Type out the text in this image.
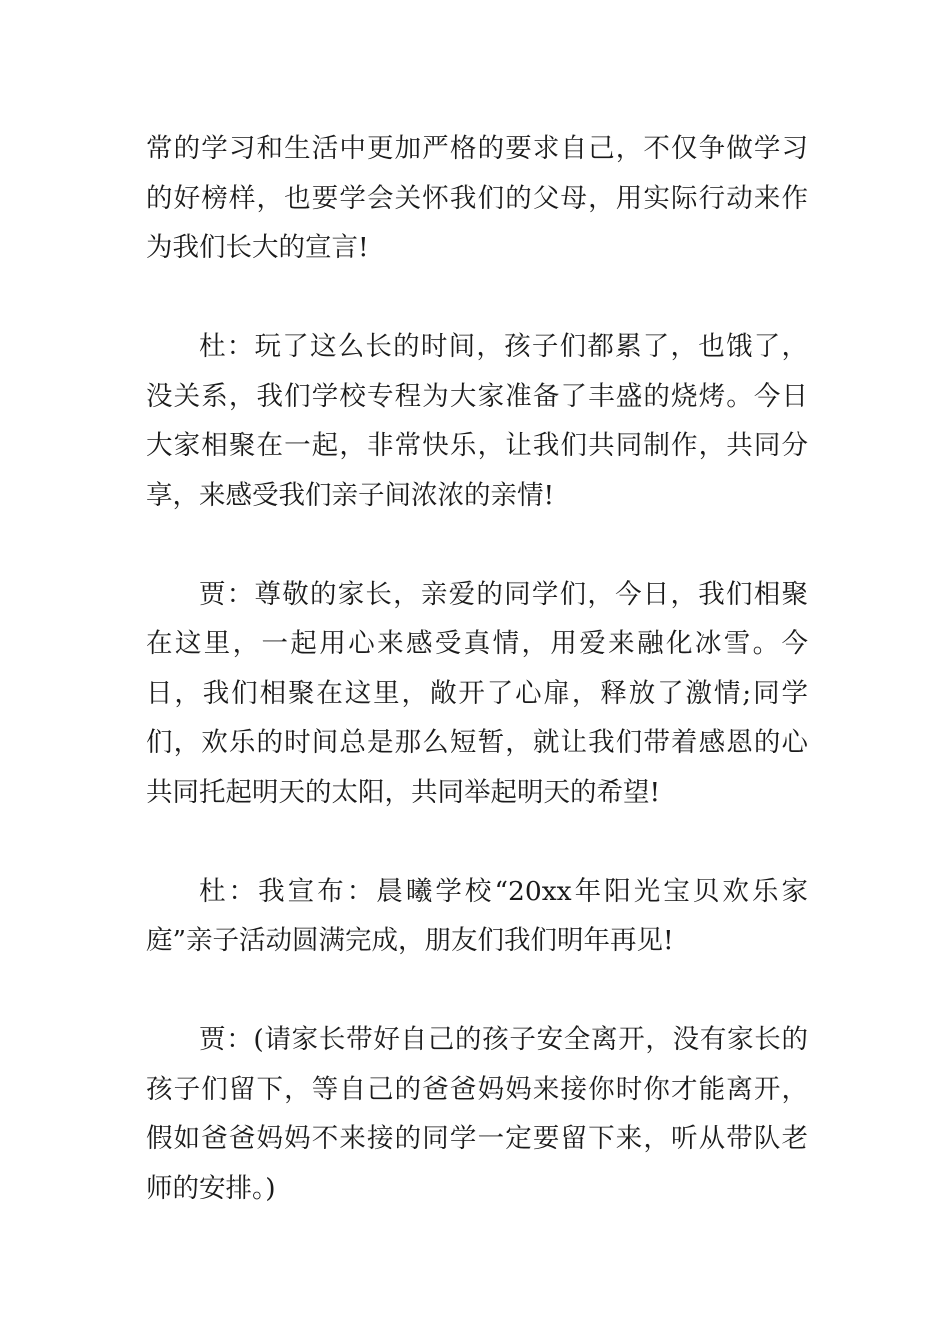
常的学习和生活中更加严格的要求自己，不仅争做学习的好榜样，也要学会关怀我们的父母，用实际行动来作为我们长大的宣言!

杜：玩了这么长的时间，孩子们都累了，也饿了，没关系，我们学校专程为大家准备了丰盛的烧烤。今日大家相聚在一起，非常快乐，让我们共同制作，共同分享，来感受我们亲子间浓浓的亲情!

贾：尊敬的家长，亲爱的同学们，今日，我们相聚在这里，一起用心来感受真情，用爱来融化冰雪。今日，我们相聚在这里，敞开了心扉，释放了激情;同学们，欢乐的时间总是那么短暂，就让我们带着感恩的心共同托起明天的太阳，共同举起明天的希望!

杜：我宣布：晨曦学校“20xx年阳光宝贝欢乐家庭”亲子活动圆满完成，朋友们我们明年再见!

贾：(请家长带好自己的孩子安全离开，没有家长的孩子们留下，等自己的爸爸妈妈来接你时你才能离开，假如爸爸妈妈不来接的同学一定要留下来，听从带队老师的安排。)
